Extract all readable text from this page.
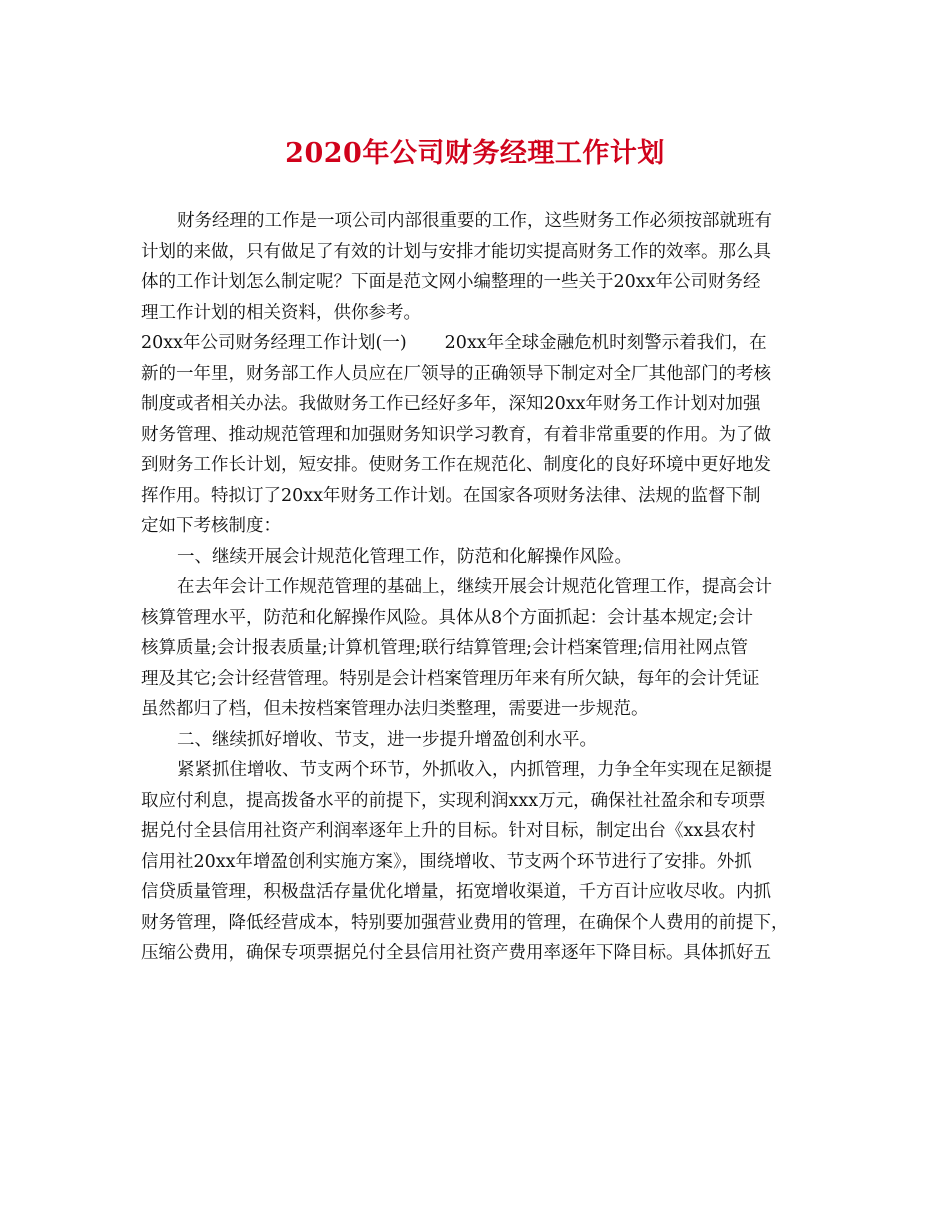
2020年公司财务经理工作计划
财务经理的工作是一项公司内部很重要的工作，这些财务工作必须按部就班有
计划的来做，只有做足了有效的计划与安排才能切实提高财务工作的效率。那么具
体的工作计划怎么制定呢？下面是范文网小编整理的一些关于20xx年公司财务经
理工作计划的相关资料，供你参考。
20xx年公司财务经理工作计划(一) 20xx年全球金融危机时刻警示着我们，在
新的一年里，财务部工作人员应在厂领导的正确领导下制定对全厂其他部门的考核
制度或者相关办法。我做财务工作已经好多年，深知20xx年财务工作计划对加强
财务管理、推动规范管理和加强财务知识学习教育，有着非常重要的作用。为了做
到财务工作长计划，短安排。使财务工作在规范化、制度化的良好环境中更好地发
挥作用。特拟订了20xx年财务工作计划。在国家各项财务法律、法规的监督下制
定如下考核制度：
一、继续开展会计规范化管理工作，防范和化解操作风险。
在去年会计工作规范管理的基础上，继续开展会计规范化管理工作，提高会计
核算管理水平，防范和化解操作风险。具体从8个方面抓起：会计基本规定;会计
核算质量;会计报表质量;计算机管理;联行结算管理;会计档案管理;信用社网点管
理及其它;会计经营管理。特别是会计档案管理历年来有所欠缺，每年的会计凭证
虽然都归了档，但未按档案管理办法归类整理，需要进一步规范。
二、继续抓好增收、节支，进一步提升增盈创利水平。
紧紧抓住增收、节支两个环节，外抓收入，内抓管理，力争全年实现在足额提
取应付利息，提高拨备水平的前提下，实现利润xxx万元，确保社社盈余和专项票
据兑付全县信用社资产利润率逐年上升的目标。针对目标，制定出台《xx县农村
信用社20xx年增盈创利实施方案》，围绕增收、节支两个环节进行了安排。外抓
信贷质量管理，积极盘活存量优化增量，拓宽增收渠道，千方百计应收尽收。内抓
财务管理，降低经营成本，特别要加强营业费用的管理，在确保个人费用的前提下，
压缩公费用，确保专项票据兑付全县信用社资产费用率逐年下降目标。具体抓好五
